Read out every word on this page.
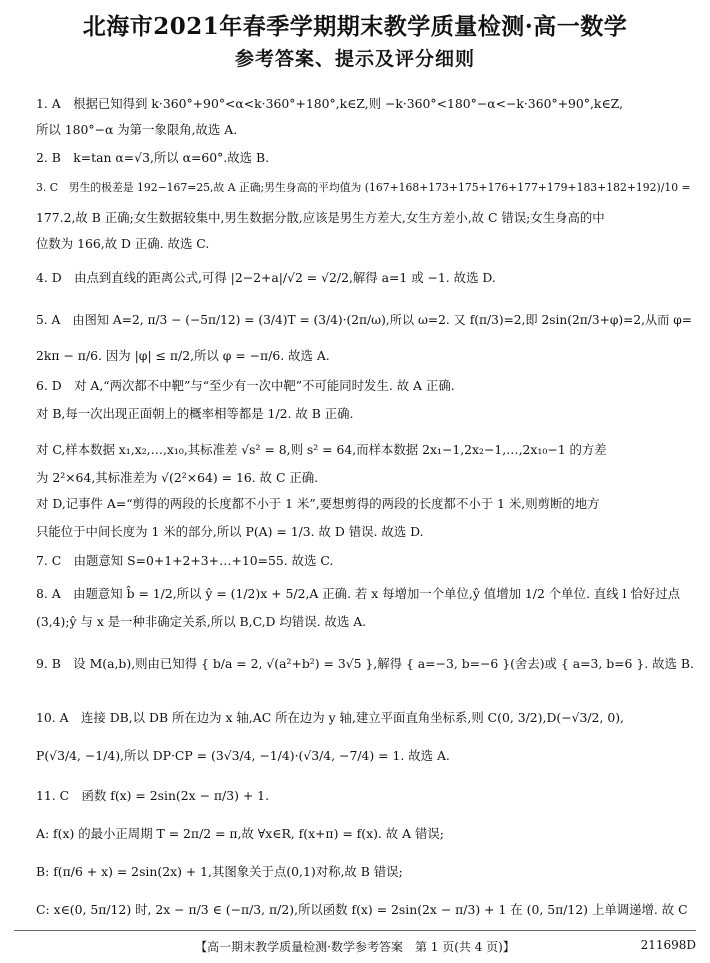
北海市2021年春季学期期末教学质量检测·高一数学
参考答案、提示及评分细则
1. A　根据已知得到 k·360°+90°<α<k·360°+180°,k∈Z,则 −k·360°<180°−α<−k·360°+90°,k∈Z,
所以 180°−α 为第一象限角,故选 A.
2. B　k=tan α=√3,所以 α=60°.故选 B.
3. C　男生的极差是 192−167=25,故 A 正确;男生身高的平均值为 (167+168+173+175+176+177+179+183+182+192)/10 =
177.2,故 B 正确;女生数据较集中,男生数据分散,应该是男生方差大,女生方差小,故 C 错误;女生身高的中
位数为 166,故 D 正确. 故选 C.
4. D　由点到直线的距离公式,可得 |2−2+a|/√2 = √2/2,解得 a=1 或 −1. 故选 D.
5. A　由图知 A=2, π/3 − (−5π/12) = (3/4)T = (3/4)·(2π/ω),所以 ω=2. 又 f(π/3)=2,即 2sin(2π/3+φ)=2,从而 φ=
2kπ − π/6. 因为 |φ| ≤ π/2,所以 φ = −π/6. 故选 A.
6. D　对 A,“两次都不中靶”与“至少有一次中靶”不可能同时发生. 故 A 正确.
对 B,每一次出现正面朝上的概率相等都是 1/2. 故 B 正确.
对 C,样本数据 x₁,x₂,…,x₁₀,其标准差 √s² = 8,则 s² = 64,而样本数据 2x₁−1,2x₂−1,…,2x₁₀−1 的方差
为 2²×64,其标准差为 √(2²×64) = 16. 故 C 正确.
对 D,记事件 A=“剪得的两段的长度都不小于 1 米”,要想剪得的两段的长度都不小于 1 米,则剪断的地方
只能位于中间长度为 1 米的部分,所以 P(A) = 1/3. 故 D 错误. 故选 D.
7. C　由题意知 S=0+1+2+3+…+10=55. 故选 C.
8. A　由题意知 b̂ = 1/2,所以 ŷ = (1/2)x + 5/2,A 正确. 若 x 每增加一个单位,ŷ 值增加 1/2 个单位. 直线 l 恰好过点
(3,4);ŷ 与 x 是一种非确定关系,所以 B,C,D 均错误. 故选 A.
9. B　设 M(a,b),则由已知得 { b/a = 2, √(a²+b²) = 3√5 },解得 { a=−3, b=−6 }(舍去)或 { a=3, b=6 }. 故选 B.
10. A　连接 DB,以 DB 所在边为 x 轴,AC 所在边为 y 轴,建立平面直角坐标系,则 C(0, 3/2),D(−√3/2, 0),
P(√3/4, −1/4),所以 DP·CP = (3√3/4, −1/4)·(√3/4, −7/4) = 1. 故选 A.
11. C　函数 f(x) = 2sin(2x − π/3) + 1.
A: f(x) 的最小正周期 T = 2π/2 = π,故 ∀x∈R, f(x+π) = f(x). 故 A 错误;
B: f(π/6 + x) = 2sin(2x) + 1,其图象关于点(0,1)对称,故 B 错误;
C: x∈(0, 5π/12) 时, 2x − π/3 ∈ (−π/3, π/2),所以函数 f(x) = 2sin(2x − π/3) + 1 在 (0, 5π/12) 上单调递增. 故 C
【高一期末教学质量检测·数学参考答案　第 1 页(共 4 页)】	211698D
